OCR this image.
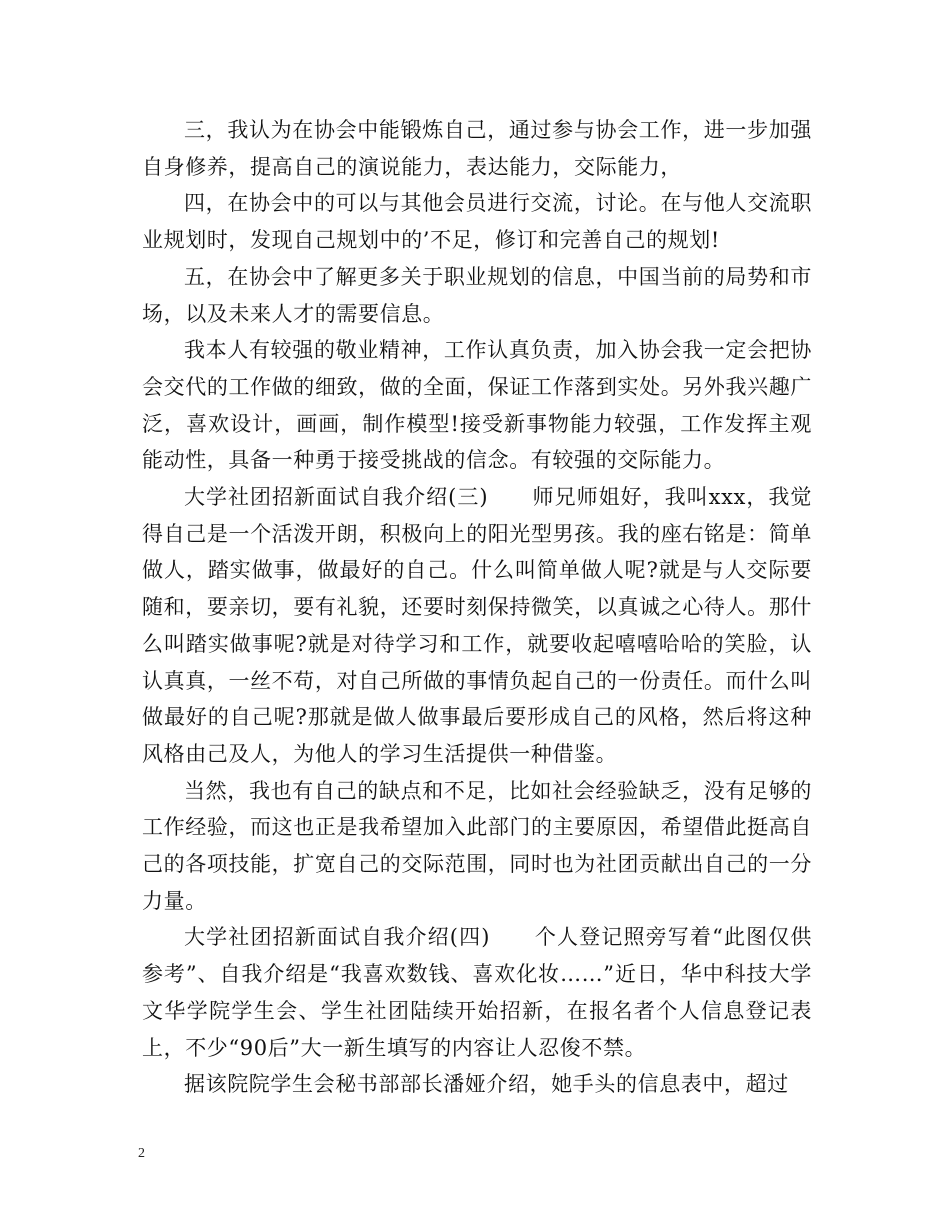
三，我认为在协会中能锻炼自己，通过参与协会工作，进一步加强自身修养，提高自己的演说能力，表达能力，交际能力，

四，在协会中的可以与其他会员进行交流，讨论。在与他人交流职业规划时，发现自己规划中的’不足，修订和完善自己的规划!

五，在协会中了解更多关于职业规划的信息，中国当前的局势和市场，以及未来人才的需要信息。

我本人有较强的敬业精神，工作认真负责，加入协会我一定会把协会交代的工作做的细致，做的全面，保证工作落到实处。另外我兴趣广泛，喜欢设计，画画，制作模型!接受新事物能力较强，工作发挥主观能动性，具备一种勇于接受挑战的信念。有较强的交际能力。

大学社团招新面试自我介绍(三)　　师兄师姐好，我叫xxx，我觉得自己是一个活泼开朗，积极向上的阳光型男孩。我的座右铭是：简单做人，踏实做事，做最好的自己。什么叫简单做人呢?就是与人交际要随和，要亲切，要有礼貌，还要时刻保持微笑，以真诚之心待人。那什么叫踏实做事呢?就是对待学习和工作，就要收起嘻嘻哈哈的笑脸，认认真真，一丝不苟，对自己所做的事情负起自己的一份责任。而什么叫做最好的自己呢?那就是做人做事最后要形成自己的风格，然后将这种风格由己及人，为他人的学习生活提供一种借鉴。

当然，我也有自己的缺点和不足，比如社会经验缺乏，没有足够的工作经验，而这也正是我希望加入此部门的主要原因，希望借此挺高自己的各项技能，扩宽自己的交际范围，同时也为社团贡献出自己的一分力量。

大学社团招新面试自我介绍(四)　　个人登记照旁写着“此图仅供参考”、自我介绍是“我喜欢数钱、喜欢化妆……”近日，华中科技大学文华学院学生会、学生社团陆续开始招新，在报名者个人信息登记表上，不少“90后”大一新生填写的内容让人忍俊不禁。

据该院院学生会秘书部部长潘娅介绍，她手头的信息表中，超过

2
